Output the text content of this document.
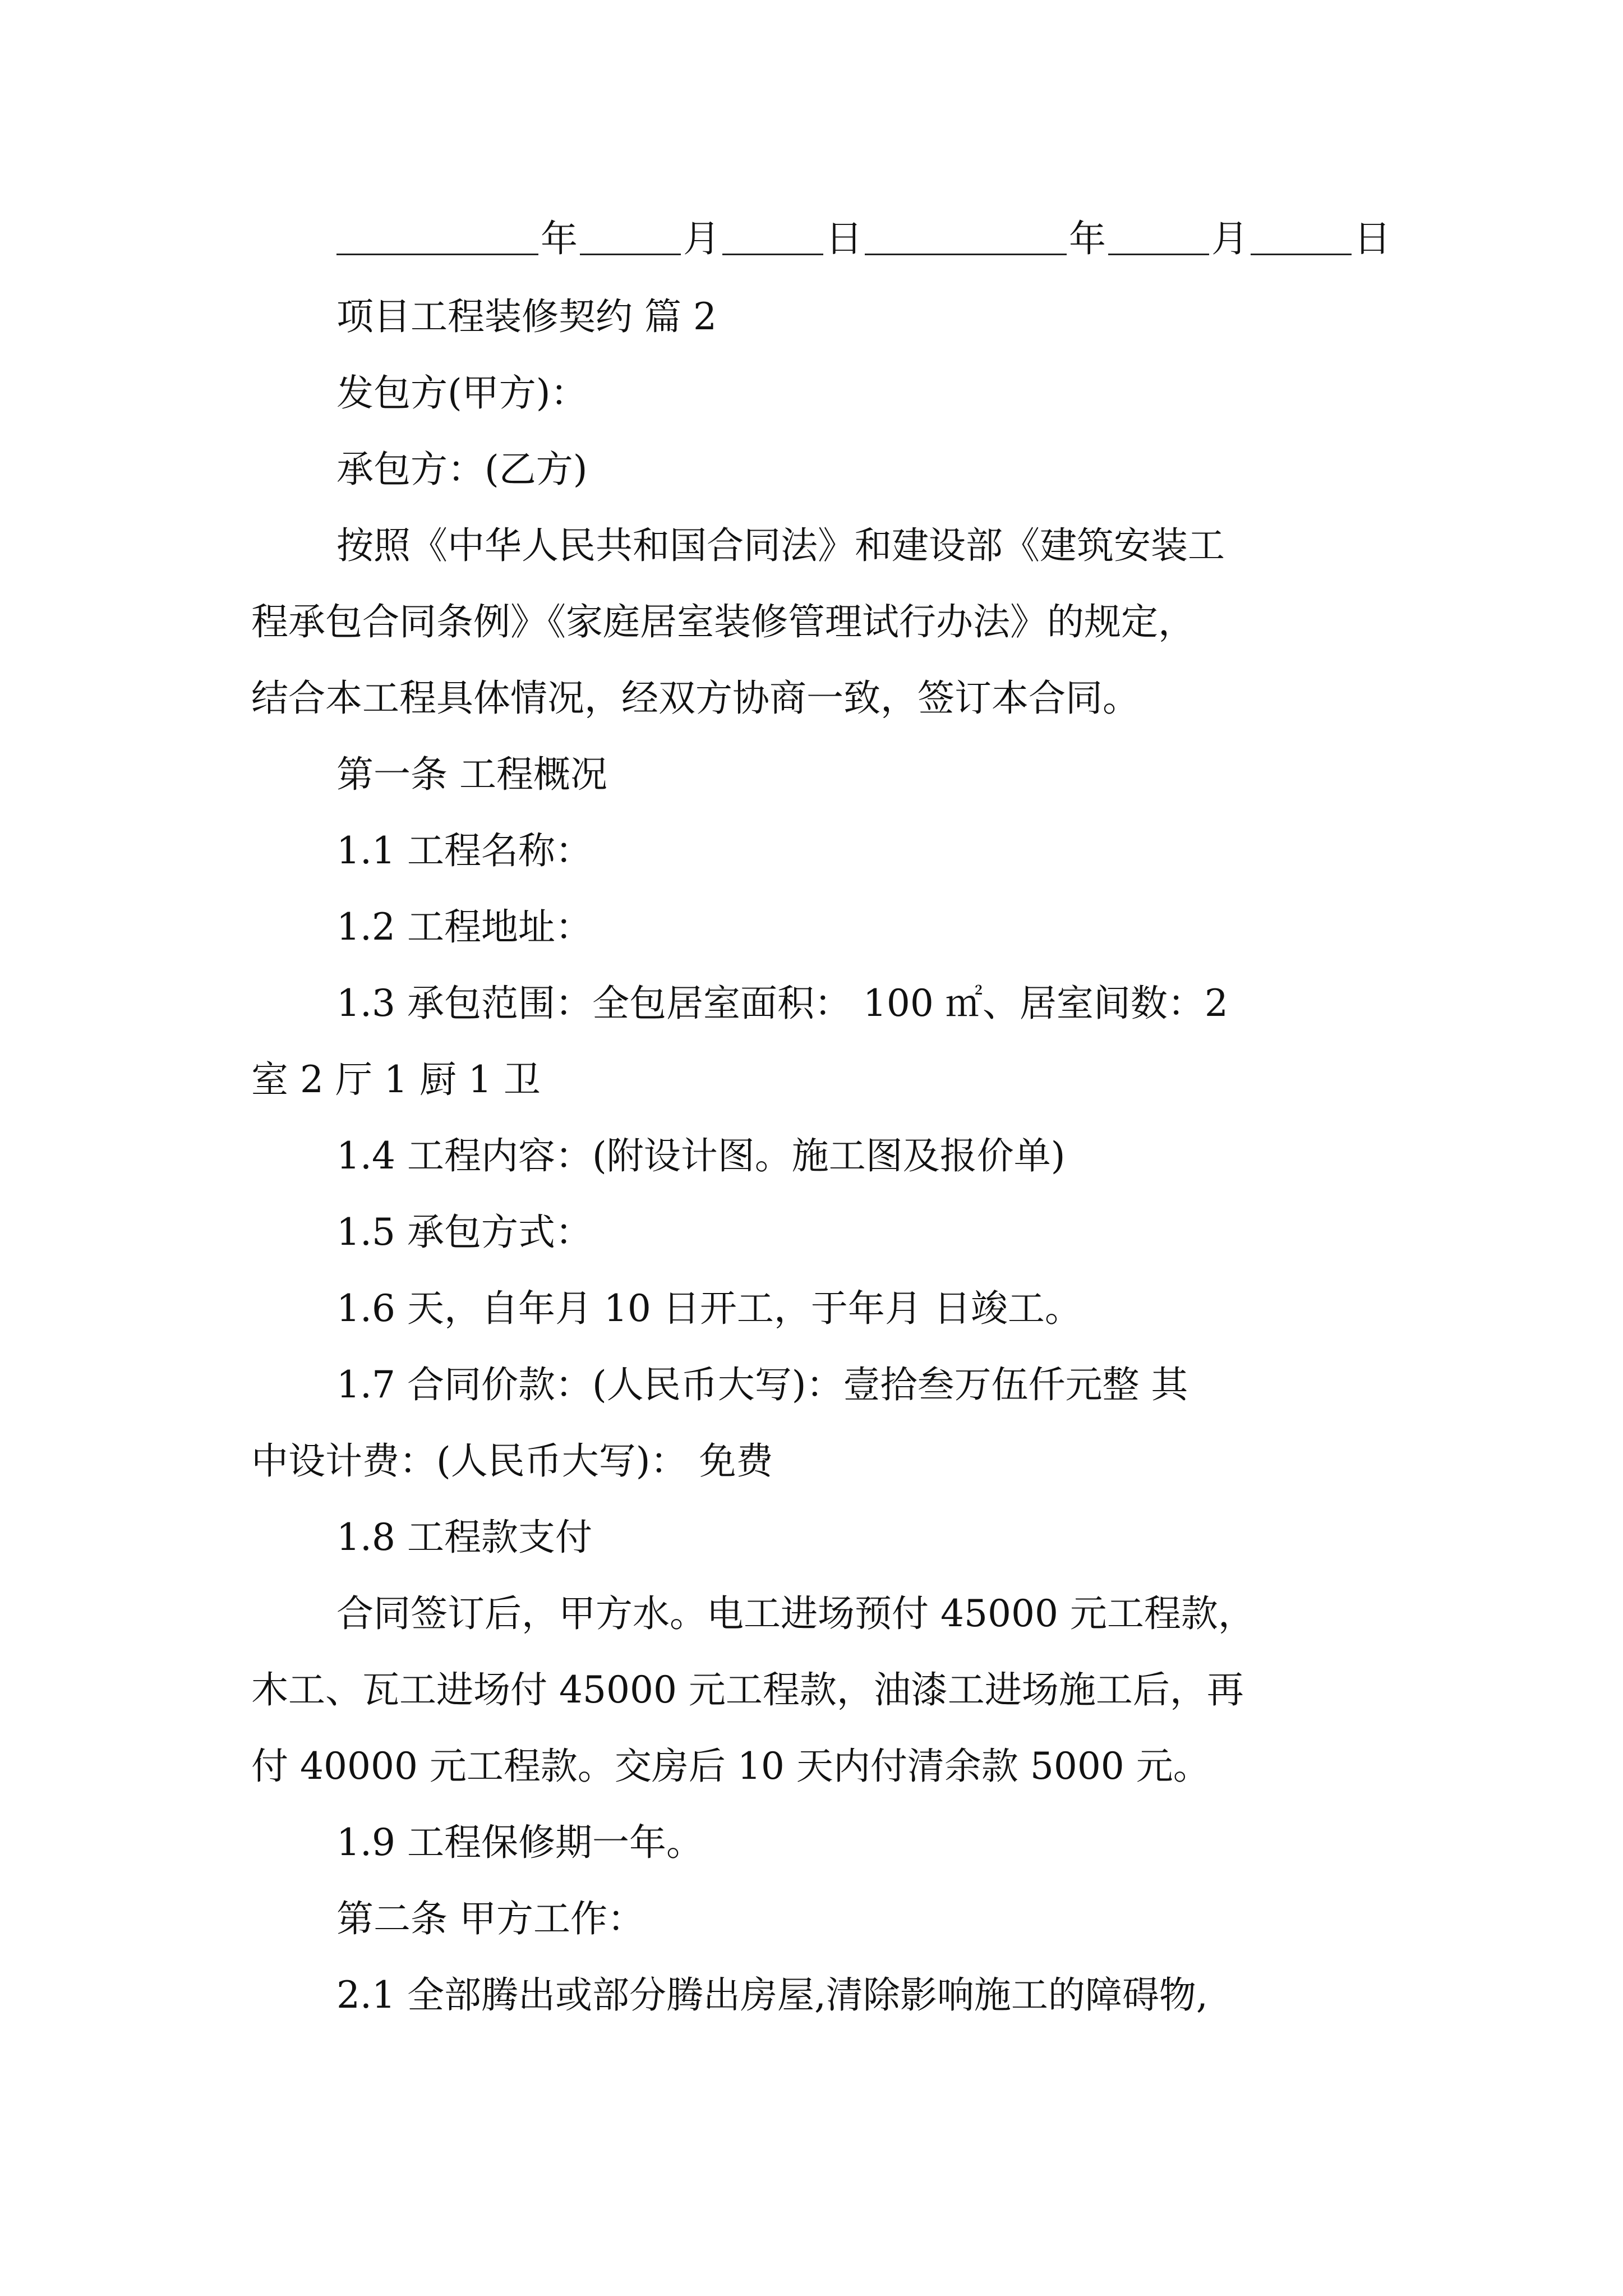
年	月	日	年	月	日
项目工程装修契约 篇 2
发包方(甲方)：
承包方：(乙方)
按照《中华人民共和国合同法》和建设部《建筑安装工
程承包合同条例》《家庭居室装修管理试行办法》的规定，
结合本工程具体情况，经双方协商一致，签订本合同。
第一条 工程概况
1.1 工程名称：
1.2 工程地址：
1.3 承包范围：全包居室面积： 100 ㎡、居室间数：2
室 2 厅 1 厨 1 卫
1.4 工程内容：(附设计图。施工图及报价单)
1.5 承包方式：
1.6 天，自年月 10 日开工，于年月 日竣工。
1.7 合同价款：(人民币大写)：壹拾叁万伍仟元整 其
中设计费：(人民币大写)： 免费
1.8 工程款支付
合同签订后，甲方水。电工进场预付 45000 元工程款，
木工、瓦工进场付 45000 元工程款，油漆工进场施工后，再
付 40000 元工程款。交房后 10 天内付清余款 5000 元。
1.9 工程保修期一年。
第二条 甲方工作：
2.1 全部腾出或部分腾出房屋,清除影响施工的障碍物,
